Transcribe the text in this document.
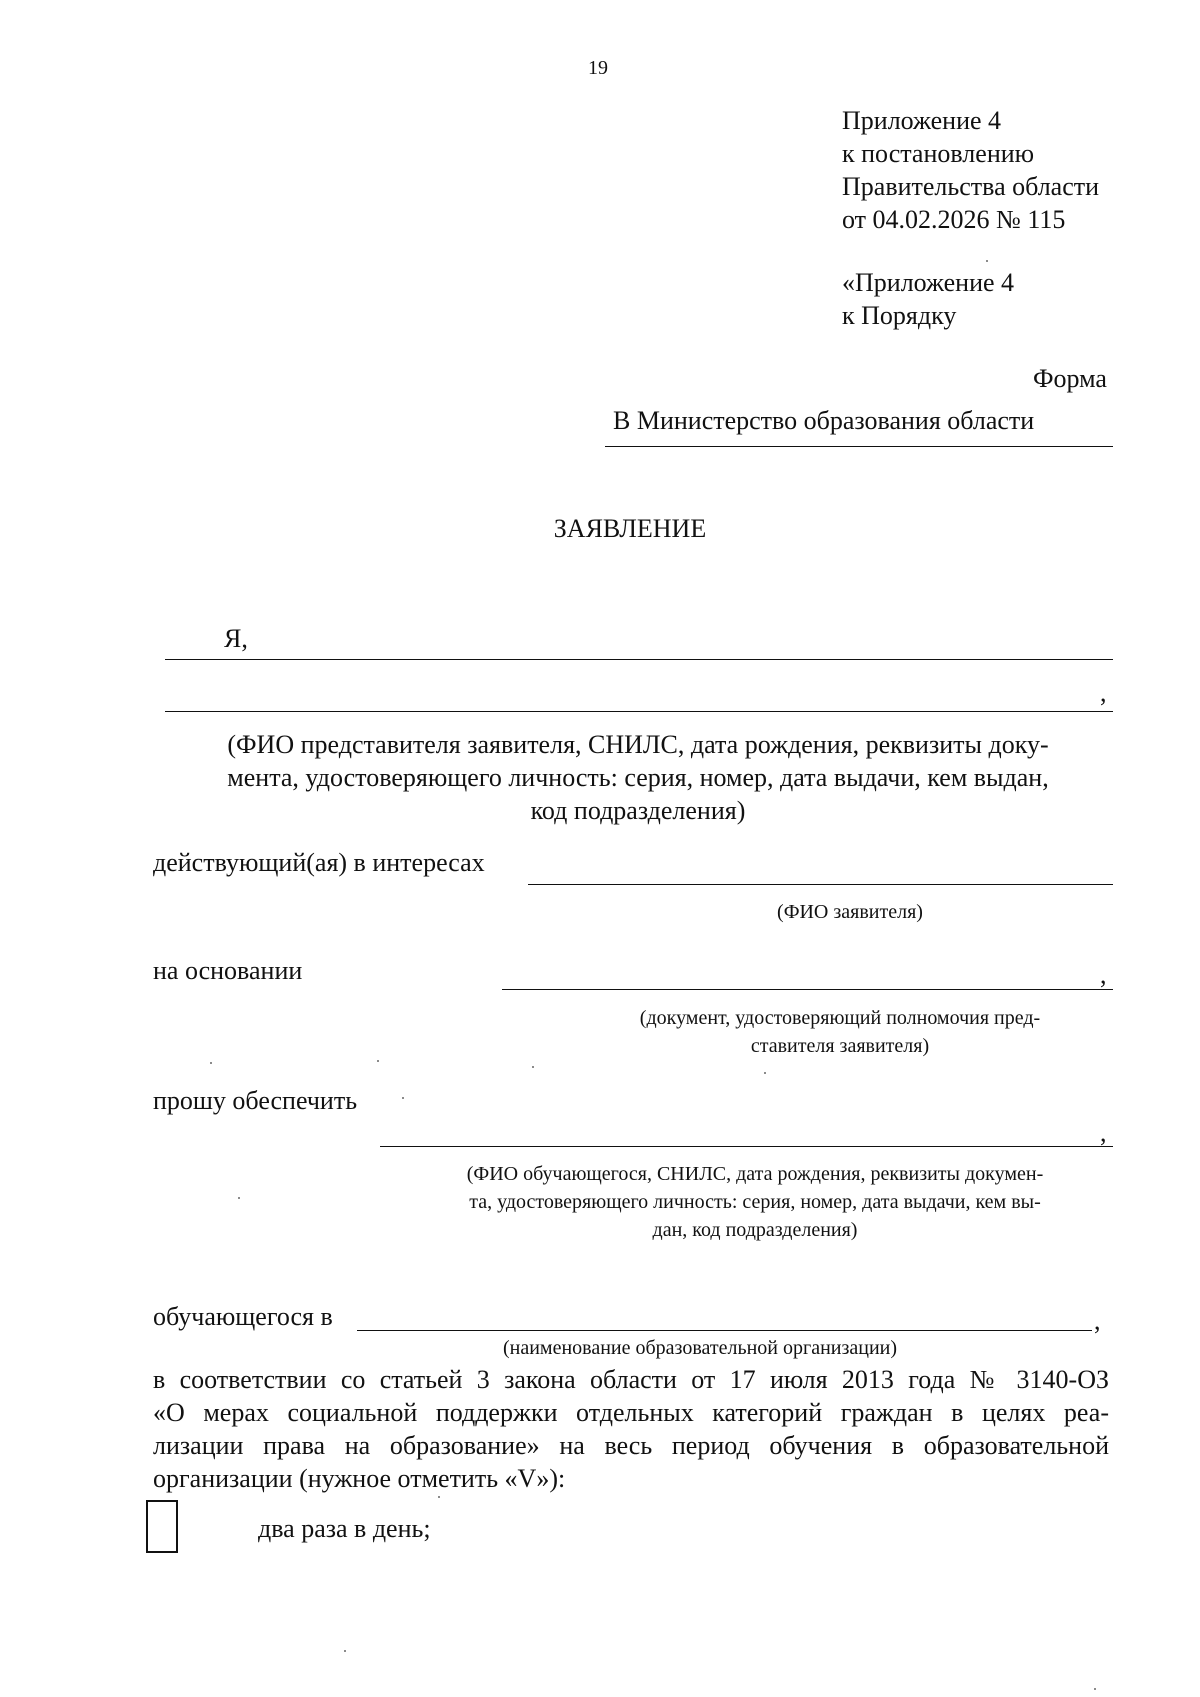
19
Приложение 4
к постановлению
Правительства области
от 04.02.2026 № 115
«Приложение 4
к Порядку
Форма
В Министерство образования области
ЗАЯВЛЕНИЕ
Я,
,
(ФИО представителя заявителя, СНИЛС, дата рождения, реквизиты доку-
мента, удостоверяющего личность: серия, номер, дата выдачи, кем выдан,
код подразделения)
действующий(ая) в интересах
(ФИО заявителя)
на основании	,
(документ, удостоверяющий полномочия пред-
ставителя заявителя)
прошу обеспечить
,
(ФИО обучающегося, СНИЛС, дата рождения, реквизиты докумен-
та, удостоверяющего личность: серия, номер, дата выдачи, кем вы-
дан, код подразделения)
обучающегося в	,
(наименование образовательной организации)
в соответствии со статьей 3 закона области от 17 июля 2013 года № 3140-ОЗ
«О мерах социальной поддержки отдельных категорий граждан в целях реа-
лизации права на образование» на весь период обучения в образовательной
организации (нужное отметить «V»):
два раза в день;
